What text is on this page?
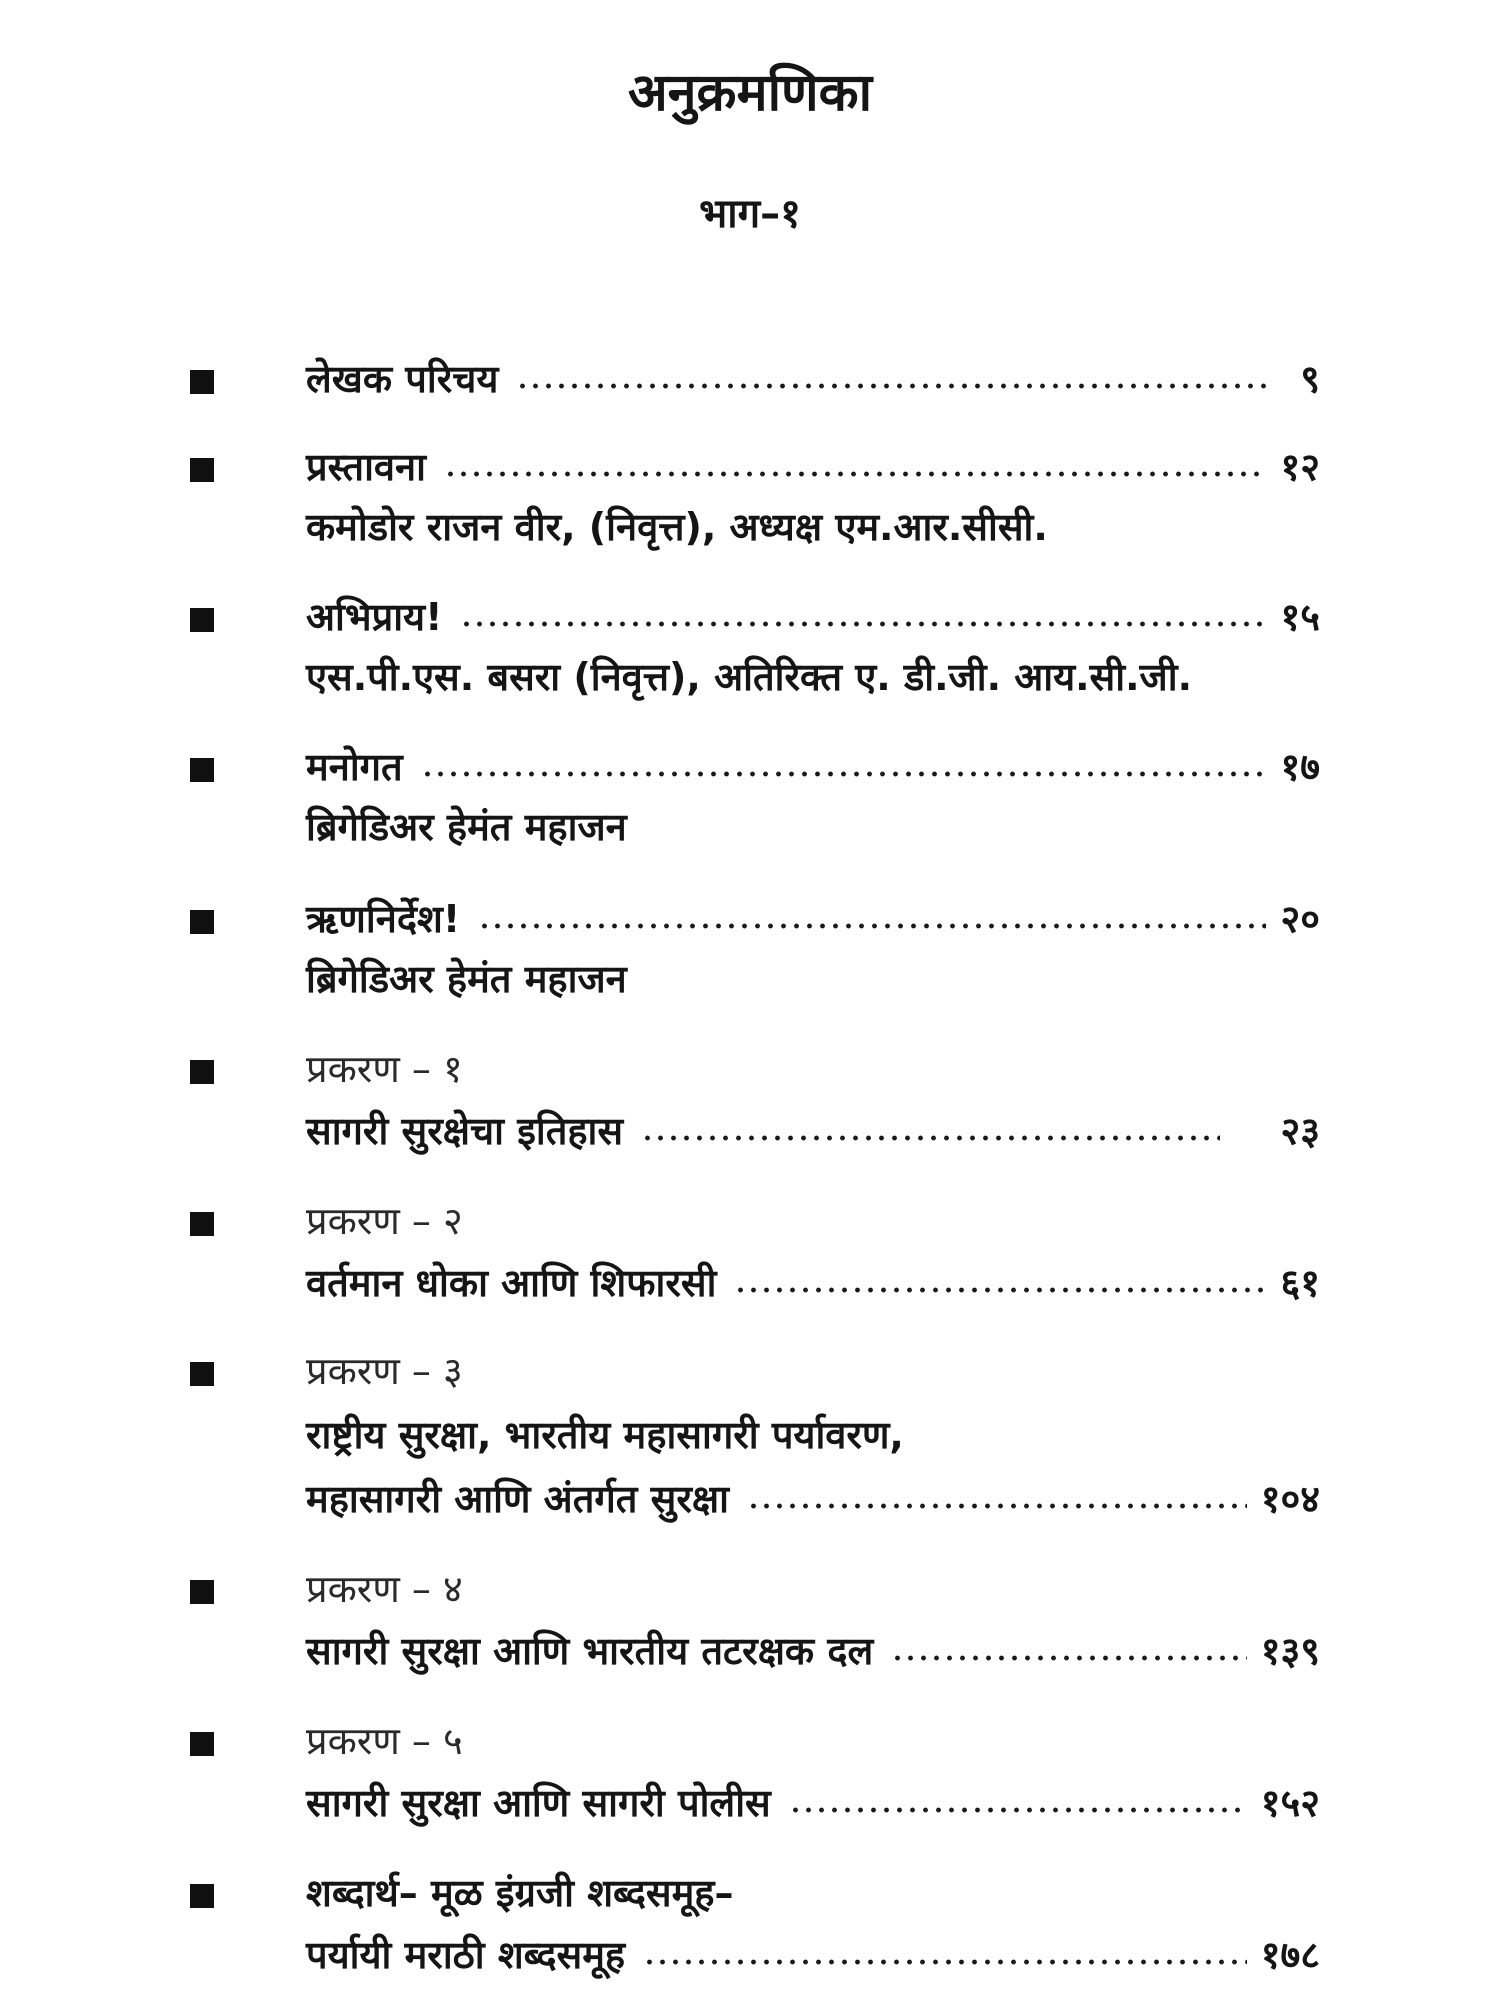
अनुक्रमणिका
भाग–१
लेखक परिचय	९
प्रस्तावना	१२
कमोडोर राजन वीर, (निवृत्त), अध्यक्ष एम.आर.सीसी.
अभिप्राय!	१५
एस.पी.एस. बसरा (निवृत्त), अतिरिक्त ए. डी.जी. आय.सी.जी.
मनोगत	१७
ब्रिगेडिअर हेमंत महाजन
ऋणनिर्देश!	२०
ब्रिगेडिअर हेमंत महाजन
प्रकरण – १
सागरी सुरक्षेचा इतिहास	२३
प्रकरण – २
वर्तमान धोका आणि शिफारसी	६१
प्रकरण – ३
राष्ट्रीय सुरक्षा, भारतीय महासागरी पर्यावरण,
महासागरी आणि अंतर्गत सुरक्षा	१०४
प्रकरण – ४
सागरी सुरक्षा आणि भारतीय तटरक्षक दल	१३९
प्रकरण – ५
सागरी सुरक्षा आणि सागरी पोलीस	१५२
शब्दार्थ– मूळ इंग्रजी शब्दसमूह–
पर्यायी मराठी शब्दसमूह	१७८
